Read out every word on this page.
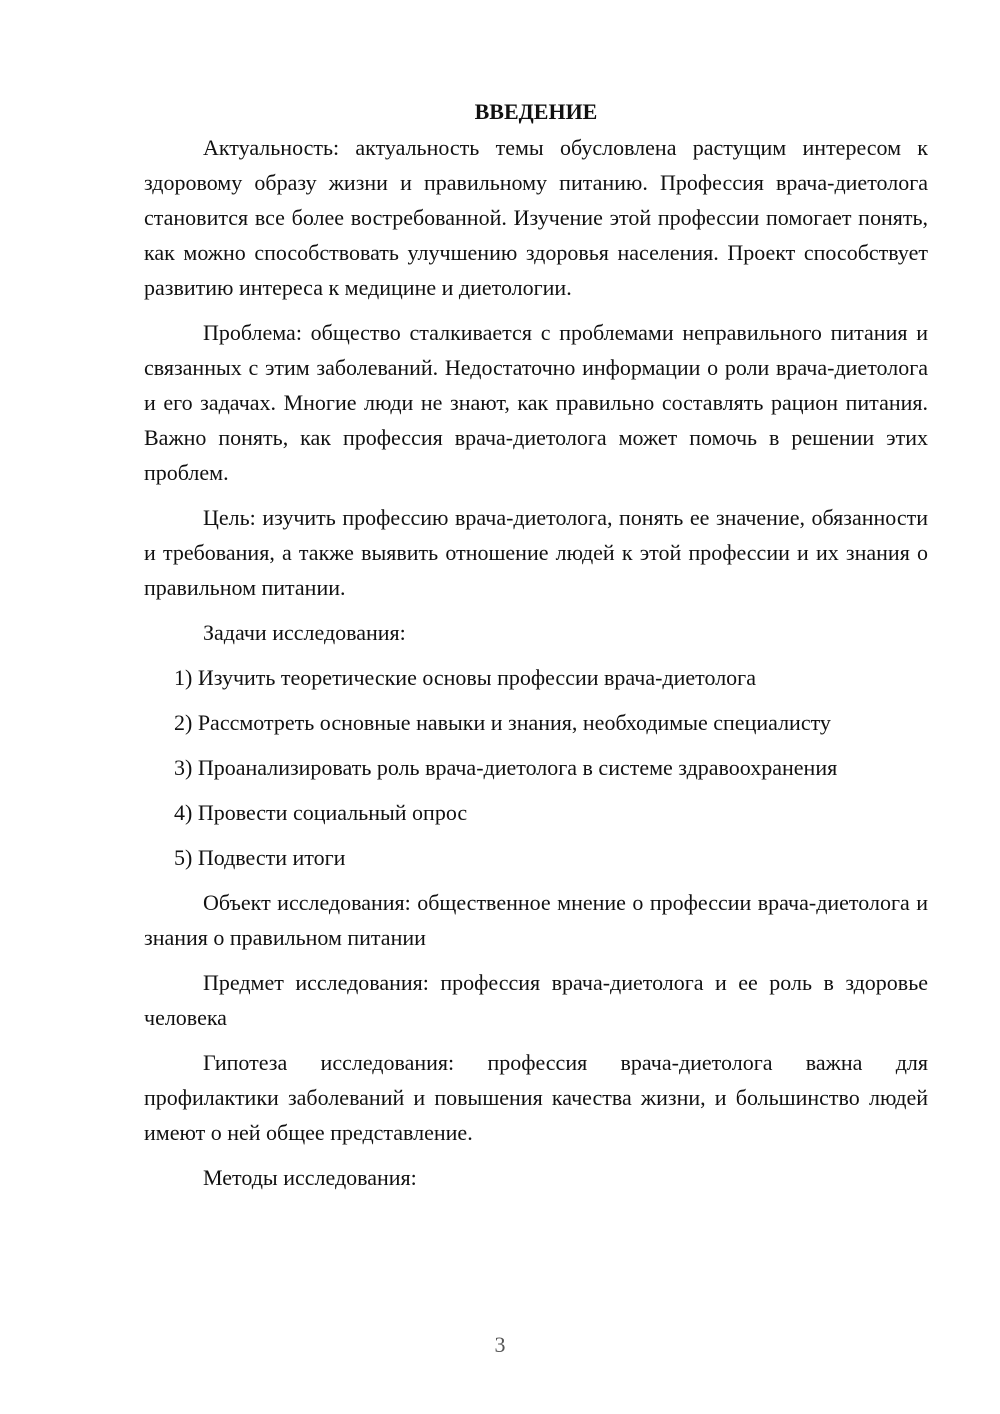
ВВЕДЕНИЕ

Актуальность: актуальность темы обусловлена растущим интересом к здоровому образу жизни и правильному питанию. Профессия врача-диетолога становится все более востребованной. Изучение этой профессии помогает понять, как можно способствовать улучшению здоровья населения. Проект способствует развитию интереса к медицине и диетологии.

Проблема: общество сталкивается с проблемами неправильного питания и связанных с этим заболеваний. Недостаточно информации о роли врача-диетолога и его задачах. Многие люди не знают, как правильно составлять рацион питания. Важно понять, как профессия врача-диетолога может помочь в решении этих проблем.

Цель: изучить профессию врача-диетолога, понять ее значение, обязанности и требования, а также выявить отношение людей к этой профессии и их знания о правильном питании.

Задачи исследования:

1) Изучить теоретические основы профессии врача-диетолога

2) Рассмотреть основные навыки и знания, необходимые специалисту

3) Проанализировать роль врача-диетолога в системе здравоохранения

4) Провести социальный опрос

5) Подвести итоги

Объект исследования: общественное мнение о профессии врача-диетолога и знания о правильном питании

Предмет исследования: профессия врача-диетолога и ее роль в здоровье человека

Гипотеза исследования: профессия врача-диетолога важна для профилактики заболеваний и повышения качества жизни, и большинство людей имеют о ней общее представление.

Методы исследования:

3
